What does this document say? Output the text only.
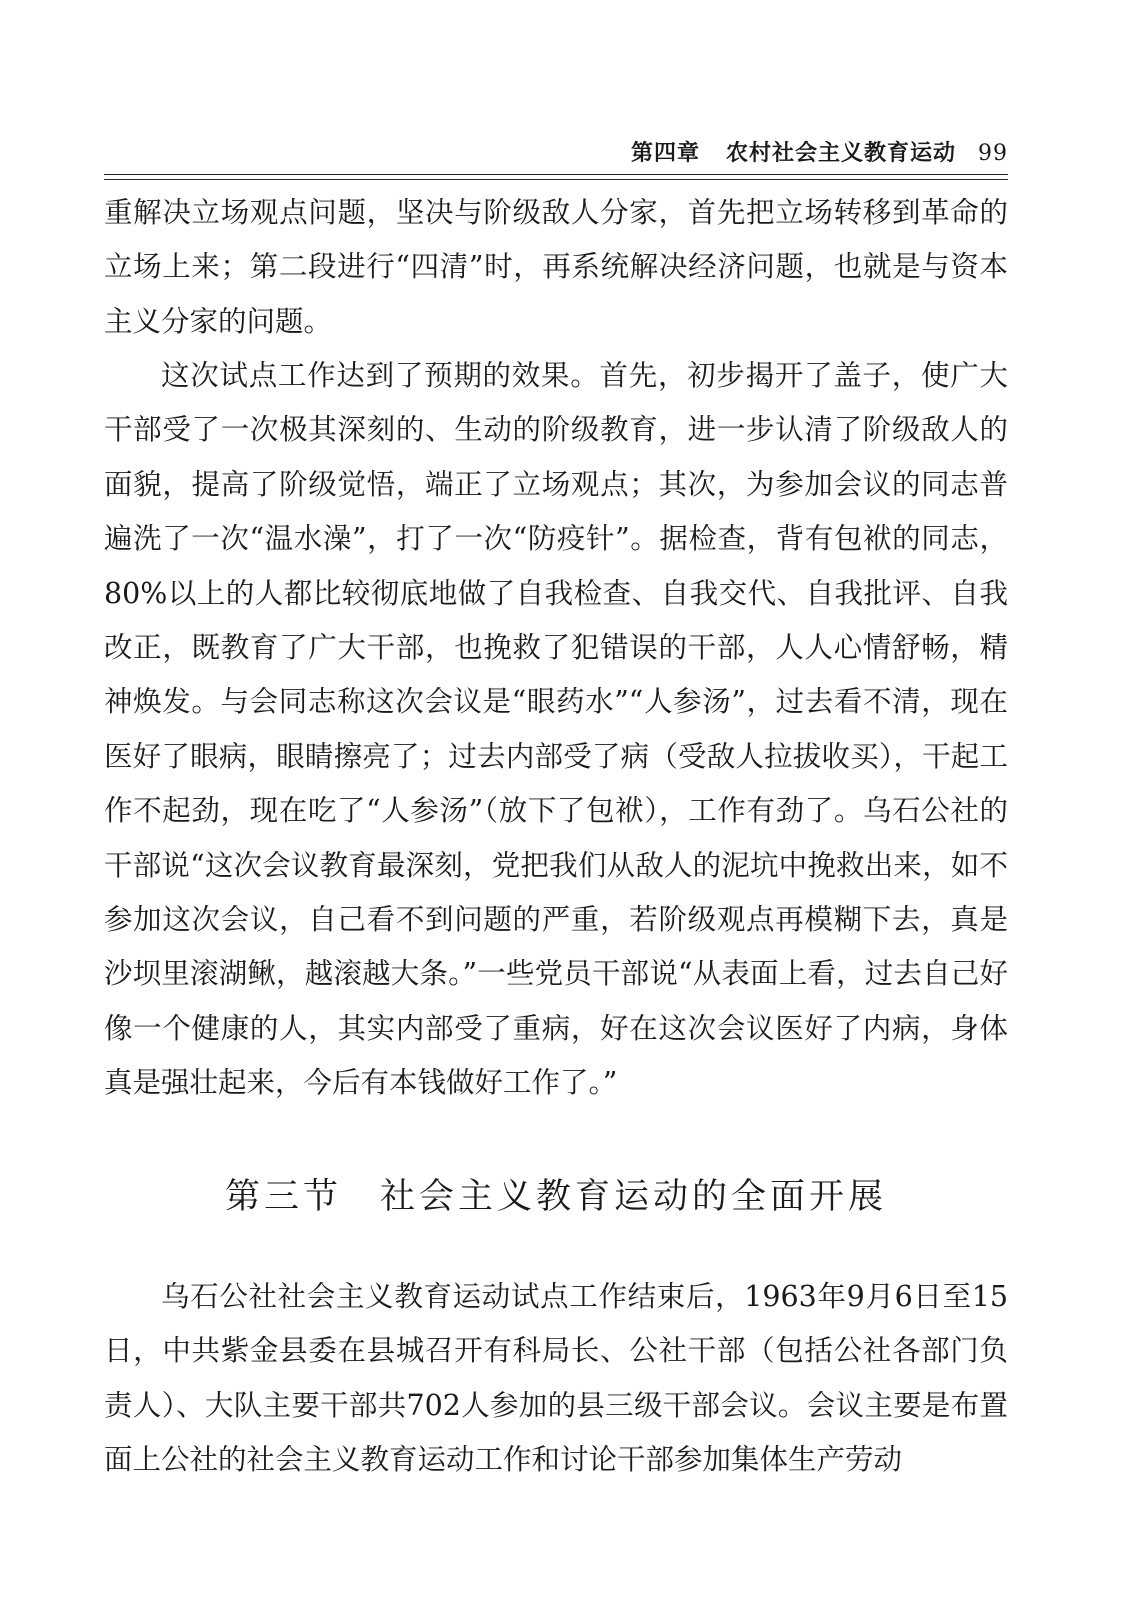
第四章 农村社会主义教育运动 99

重解决立场观点问题，坚决与阶级敌人分家，首先把立场转移到革命的立场上来；第二段进行“四清”时，再系统解决经济问题，也就是与资本主义分家的问题。

这次试点工作达到了预期的效果。首先，初步揭开了盖子，使广大干部受了一次极其深刻的、生动的阶级教育，进一步认清了阶级敌人的面貌，提高了阶级觉悟，端正了立场观点；其次，为参加会议的同志普遍洗了一次“温水澡”，打了一次“防疫针”。据检查，背有包袱的同志，80%以上的人都比较彻底地做了自我检查、自我交代、自我批评、自我改正，既教育了广大干部，也挽救了犯错误的干部，人人心情舒畅，精神焕发。与会同志称这次会议是“眼药水”“人参汤”，过去看不清，现在医好了眼病，眼睛擦亮了；过去内部受了病（受敌人拉拔收买），干起工作不起劲，现在吃了“人参汤”（放下了包袱），工作有劲了。乌石公社的干部说“这次会议教育最深刻，党把我们从敌人的泥坑中挽救出来，如不参加这次会议，自己看不到问题的严重，若阶级观点再模糊下去，真是沙坝里滚湖鳅，越滚越大条。”一些党员干部说“从表面上看，过去自己好像一个健康的人，其实内部受了重病，好在这次会议医好了内病，身体真是强壮起来，今后有本钱做好工作了。”

第三节 社会主义教育运动的全面开展

乌石公社社会主义教育运动试点工作结束后，1963年9月6日至15日，中共紫金县委在县城召开有科局长、公社干部（包括公社各部门负责人）、大队主要干部共702人参加的县三级干部会议。会议主要是布置面上公社的社会主义教育运动工作和讨论干部参加集体生产劳动
